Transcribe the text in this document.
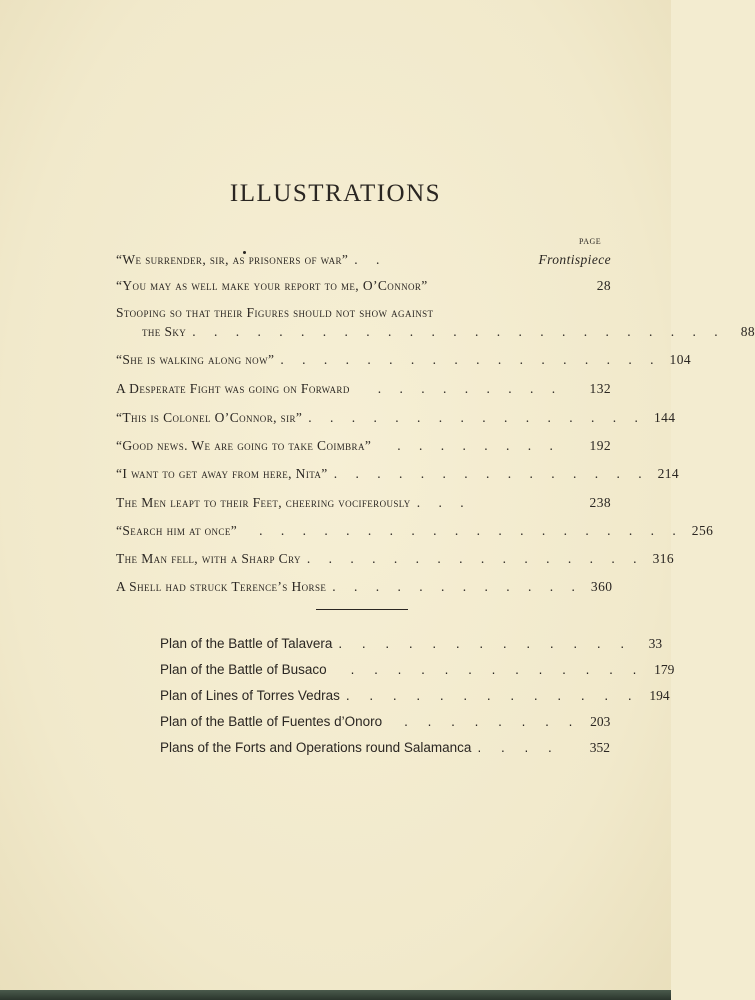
ILLUSTRATIONS
PAGE
“We surrender, sir, as prisoners of war” . .	Frontispiece
“You may as well make your report to me, O’Connor”	28
Stooping so that their Figures should not show against
the Sky . . . . . . . . . . . . . . . . . . . . . . . . .	88
“She is walking along now” . . . . . . . . . . . . . . . . . . 104
A Desperate Fight was going on Forward	. . . . . . . . .	132
“This is Colonel O’Connor, sir” . . . . . . . . . . . . . . . . 144
“Good news. We are going to take Coimbra”	. . . . . . . .	192
“I want to get away from here, Nita” . . . . . . . . . . . . . . . 214
The Men leapt to their Feet, cheering vociferously . . .	238
“Search him at once”	. . . . . . . . . . . . . . . . . . . . 256
The Man fell, with a Sharp Cry . . . . . . . . . . . . . . . . 316
A Shell had struck Terence’s Horse . . . . . . . . . . . . 360
Plan of the Battle of Talavera . . . . . . . . . . . . .	33
Plan of the Battle of Busaco	. . . . . . . . . . . . . 179
Plan of Lines of Torres Vedras . . . . . . . . . . . . . 194
Plan of the Battle of Fuentes d’Onoro	. . . . . . . . 203
Plans of the Forts and Operations round Salamanca . . . .	352
